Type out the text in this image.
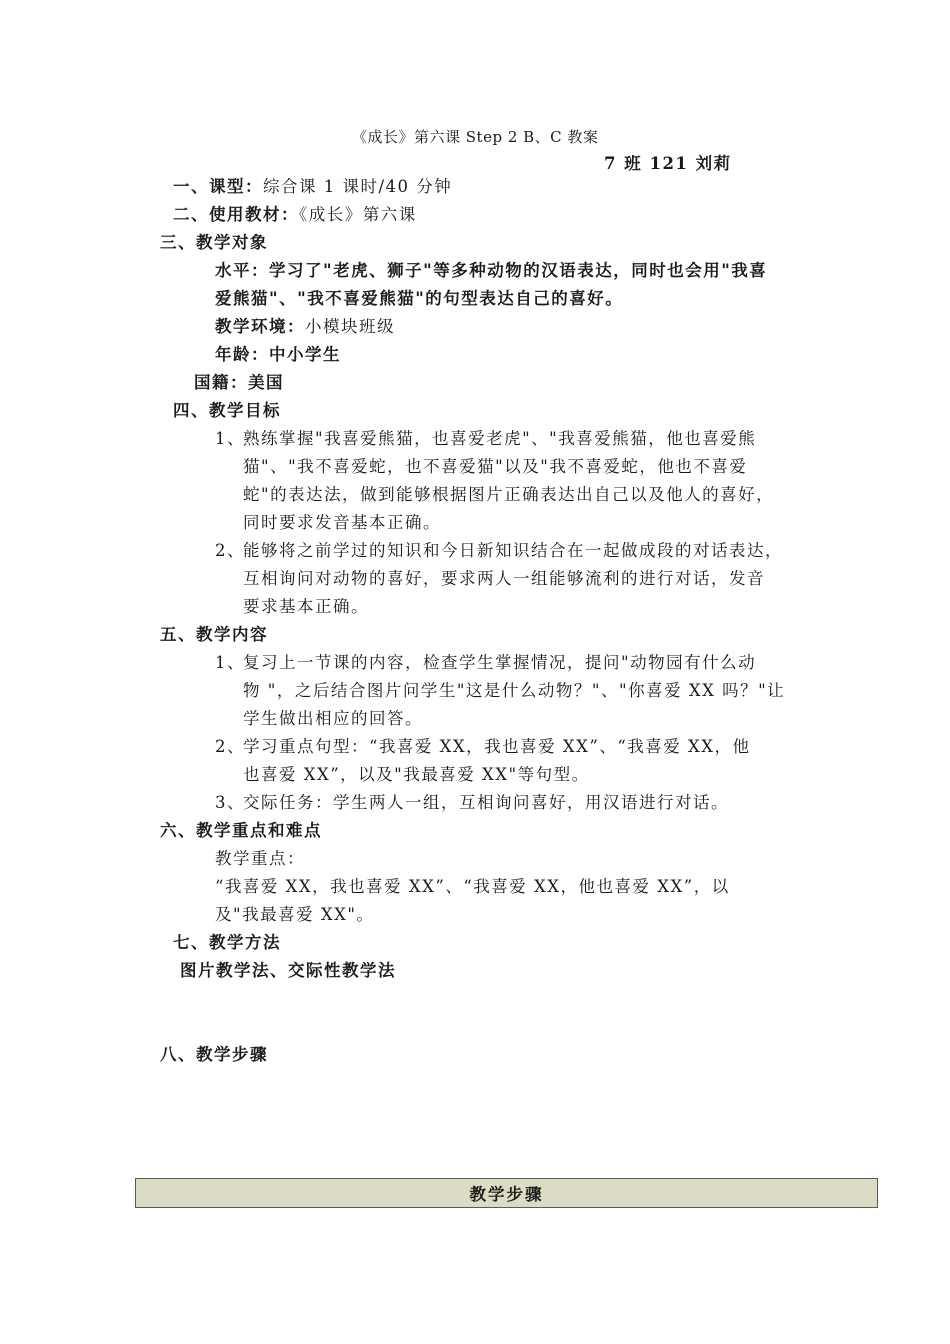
《成长》第六课 Step 2 B、C 教案
7 班 121 刘莉
一、课型：综合课 1 课时/40 分钟
二、使用教材：《成长》第六课
三、教学对象
水平：学习了"老虎、狮子"等多种动物的汉语表达，同时也会用"我喜
爱熊猫"、"我不喜爱熊猫"的句型表达自己的喜好。
教学环境：小模块班级
年龄：中小学生
国籍：美国
四、教学目标
1、
熟练掌握"我喜爱熊猫，也喜爱老虎"、"我喜爱熊猫，他也喜爱熊
猫"、"我不喜爱蛇，也不喜爱猫"以及"我不喜爱蛇，他也不喜爱
蛇"的表达法，做到能够根据图片正确表达出自己以及他人的喜好，
同时要求发音基本正确。
2、
能够将之前学过的知识和今日新知识结合在一起做成段的对话表达，
互相询问对动物的喜好，要求两人一组能够流利的进行对话，发音
要求基本正确。
五、教学内容
1、
复习上一节课的内容，检查学生掌握情况，提问"动物园有什么动
物 "，之后结合图片问学生"这是什么动物？"、"你喜爱 XX 吗？"让
学生做出相应的回答。
2、
学习重点句型：“我喜爱 XX，我也喜爱 XX”、“我喜爱 XX，他
也喜爱 XX”，以及"我最喜爱 XX"等句型。
3、
交际任务：学生两人一组，互相询问喜好，用汉语进行对话。
六、教学重点和难点
教学重点：
“我喜爱 XX，我也喜爱 XX”、“我喜爱 XX，他也喜爱 XX”，以
及"我最喜爱 XX"。
七、教学方法
图片教学法、交际性教学法
八、教学步骤
教学步骤
